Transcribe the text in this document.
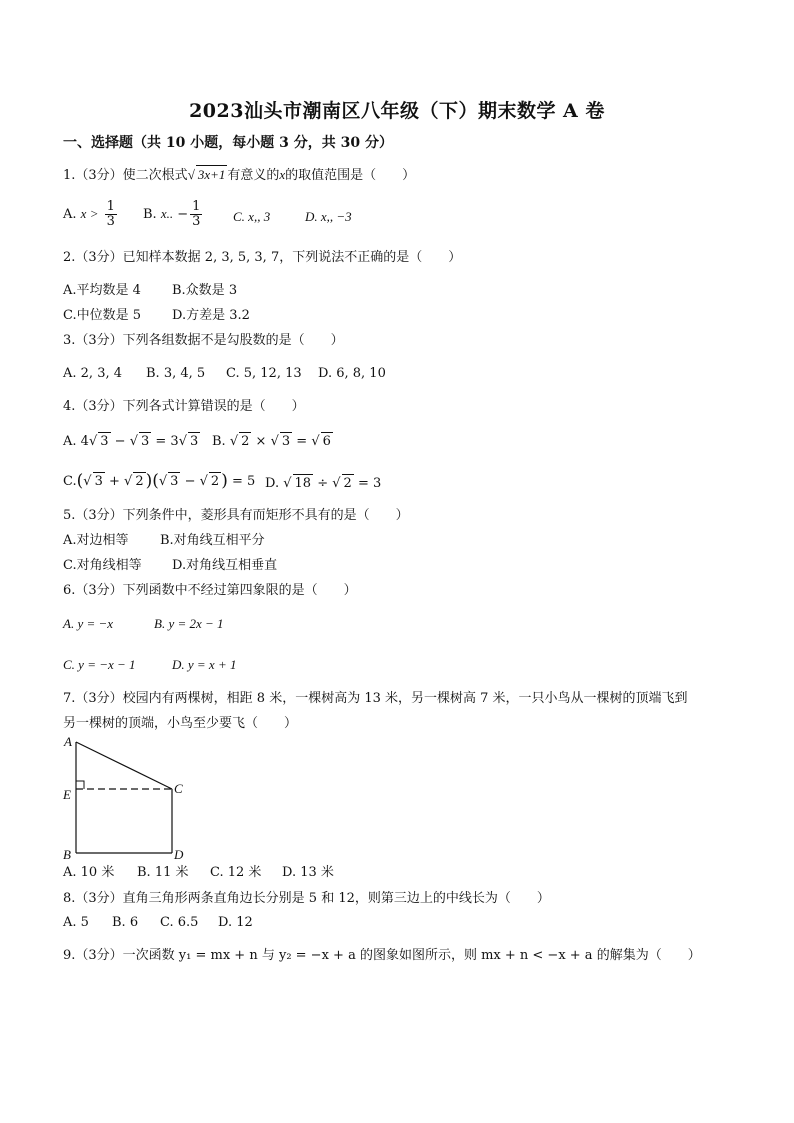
2023汕头市潮南区八年级（下）期末数学 A 卷
一、选择题（共 10 小题，每小题 3 分，共 30 分）
1.（3分）使二次根式√ 3x+1 有意义的x的取值范围是（　　）
A. $x > \frac{1}{3} B$. x.. − $\frac{1}{3} C$. x,, 3	D. x,, −3
2.（3分）已知样本数据 2, 3, 5, 3, 7，下列说法不正确的是（　　）
A.平均数是 4 B.众数是 3
C.中位数是 5 D.方差是 3.2
3.（3分）下列各组数据不是勾股数的是（　　）
A. 2, 3, 4 B. 3, 4, 5 C. 5, 12, 13 D. 6, 8, 10
4.（3分）下列各式计算错误的是（　　）
A. 4√ 3 − √ 3 = 3√ 3 B. √ 2 × √ 3 = √ 6
C.(√ 3 + √ 2 )(√ 3 − √ 2 ) = 5 D. √ 18 ÷ √ 2 = 3
5.（3分）下列条件中，菱形具有而矩形不具有的是（　　）
A.对边相等 B.对角线互相平分
C.对角线相等 D.对角线互相垂直
6.（3分）下列函数中不经过第四象限的是（　　）
A. y = −x	B. y = 2x − 1
C. y = −x − 1	D. y = x + 1
7.（3分）校园内有两棵树，相距 8 米，一棵树高为 13 米，另一棵树高 7 米，一只小鸟从一棵树的顶端飞到
另一棵树的顶端，小鸟至少要飞（　　）
A
E
B
C
D
A. 10 米 B. 11 米 C. 12 米 D. 13 米
8.（3分）直角三角形两条直角边长分别是 5 和 12，则第三边上的中线长为（　　）
A. 5 B. 6 C. 6.5 D. 12
9.（3分）一次函数 y₁ = mx + n 与 y₂ = −x + a 的图象如图所示，则 mx + n < −x + a 的解集为（　　）
